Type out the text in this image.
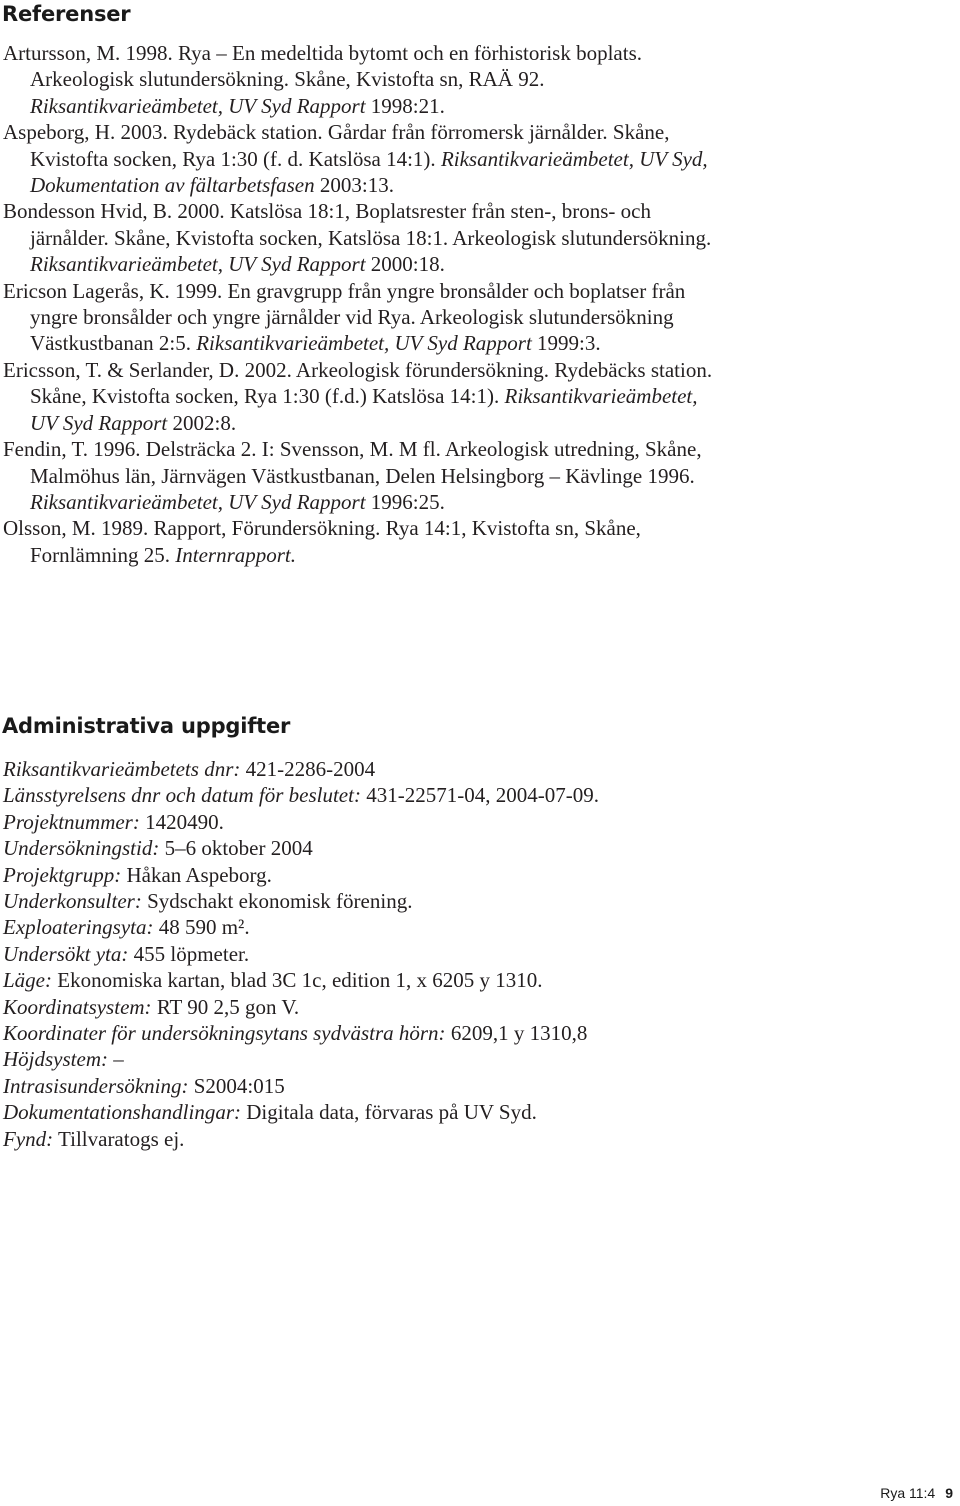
Referenser

Artursson, M. 1998. Rya – En medeltida bytomt och en förhistorisk boplats. Arkeologisk slutundersökning. Skåne, Kvistofta sn, RAÄ 92. Riksantikvarieämbetet, UV Syd Rapport 1998:21.

Aspeborg, H. 2003. Rydebäck station. Gårdar från förromersk järnålder. Skåne, Kvistofta socken, Rya 1:30 (f. d. Katslösa 14:1). Riksantikvarieämbetet, UV Syd, Dokumentation av fältarbetsfasen 2003:13.

Bondesson Hvid, B. 2000. Katslösa 18:1, Boplatsrester från sten-, brons- och järnålder. Skåne, Kvistofta socken, Katslösa 18:1. Arkeologisk slutundersökning. Riksantikvarieämbetet, UV Syd Rapport 2000:18.

Ericson Lagerås, K. 1999. En gravgrupp från yngre bronsålder och boplatser från yngre bronsålder och yngre järnålder vid Rya. Arkeologisk slutundersökning Västkustbanan 2:5. Riksantikvarieämbetet, UV Syd Rapport 1999:3.

Ericsson, T. & Serlander, D. 2002. Arkeologisk förundersökning. Rydebäcks station. Skåne, Kvistofta socken, Rya 1:30 (f.d.) Katslösa 14:1). Riksantikvarieämbetet, UV Syd Rapport 2002:8.

Fendin, T. 1996. Delsträcka 2. I: Svensson, M. M fl. Arkeologisk utredning, Skåne, Malmöhus län, Järnvägen Västkustbanan, Delen Helsingborg – Kävlinge 1996. Riksantikvarieämbetet, UV Syd Rapport 1996:25.

Olsson, M. 1989. Rapport, Förundersökning. Rya 14:1, Kvistofta sn, Skåne, Fornlämning 25. Internrapport.

Administrativa uppgifter

Riksantikvarieämbetets dnr: 421-2286-2004

Länsstyrelsens dnr och datum för beslutet: 431-22571-04, 2004-07-09.

Projektnummer: 1420490.

Undersökningstid: 5–6 oktober 2004

Projektgrupp: Håkan Aspeborg.

Underkonsulter: Sydschakt ekonomisk förening.

Exploateringsyta: 48 590 m².

Undersökt yta: 455 löpmeter.

Läge: Ekonomiska kartan, blad 3C 1c, edition 1, x 6205 y 1310.

Koordinatsystem: RT 90 2,5 gon V.

Koordinater för undersökningsytans sydvästra hörn: 6209,1 y 1310,8

Höjdsystem: –

Intrasisundersökning: S2004:015

Dokumentationshandlingar: Digitala data, förvaras på UV Syd.

Fynd: Tillvaratogs ej.

Rya 11:4 9
